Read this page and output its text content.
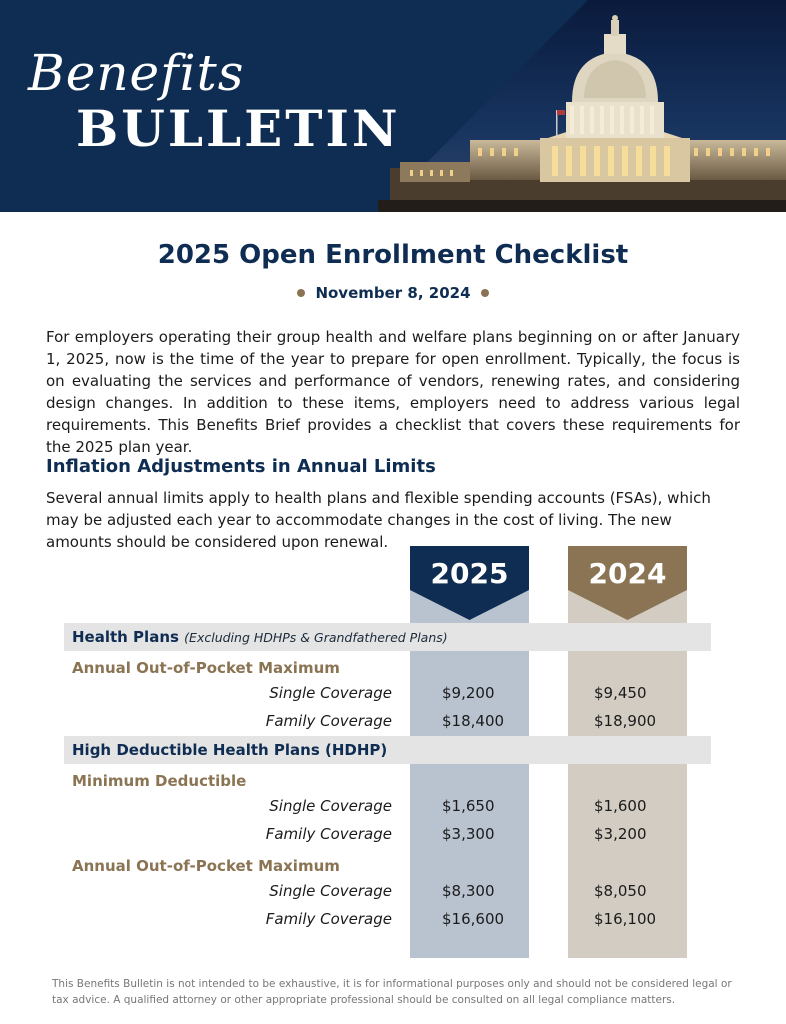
Benefits
BULLETIN
2025 Open Enrollment Checklist
November 8, 2024

For employers operating their group health and welfare plans beginning on or after January 1, 2025, now is the time of the year to prepare for open enrollment. Typically, the focus is on evaluating the services and performance of vendors, renewing rates, and considering design changes. In addition to these items, employers need to address various legal requirements. This Benefits Brief provides a checklist that covers these requirements for the 2025 plan year.

Inflation Adjustments in Annual Limits

Several annual limits apply to health plans and flexible spending accounts (FSAs), which may be adjusted each year to accommodate changes in the cost of living. The new amounts should be considered upon renewal.

2025	2024
Health Plans (Excluding HDHPs & Grandfathered Plans)
Annual Out-of-Pocket Maximum
Single Coverage	$9,200	$9,450
Family Coverage	$18,400	$18,900
High Deductible Health Plans (HDHP)
Minimum Deductible
Single Coverage	$1,650	$1,600
Family Coverage	$3,300	$3,200
Annual Out-of-Pocket Maximum
Single Coverage	$8,300	$8,050
Family Coverage	$16,600	$16,100
This Benefits Bulletin is not intended to be exhaustive, it is for informational purposes only and should not be considered legal or tax advice. A qualified attorney or other appropriate professional should be consulted on all legal compliance matters.
